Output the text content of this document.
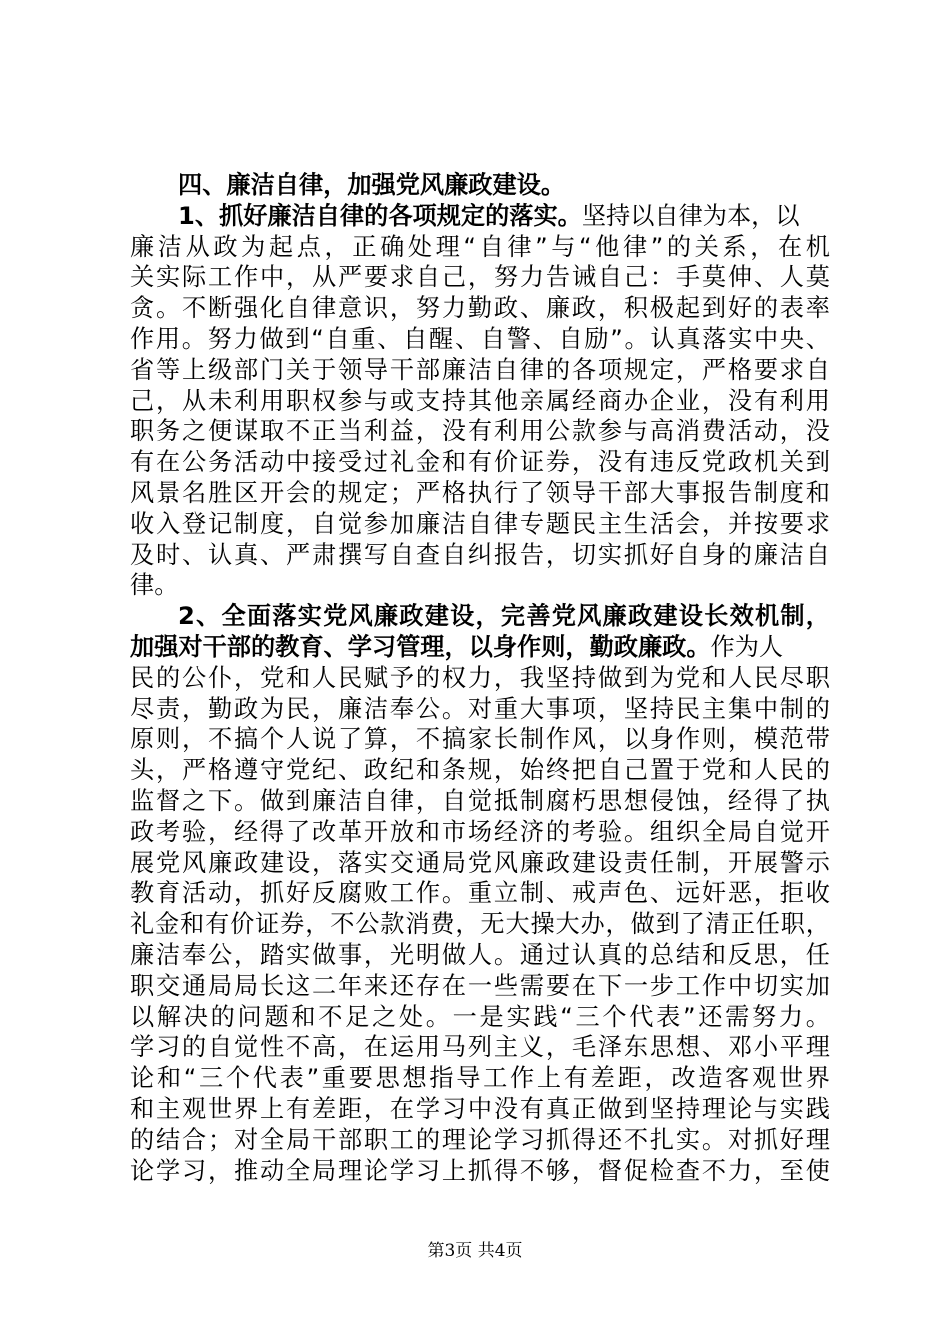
四、廉洁自律，加强党风廉政建设。
1、抓好廉洁自律的各项规定的落实。坚持以自律为本，以
廉洁从政为起点，正确处理“自律”与“他律”的关系，在机
关实际工作中，从严要求自己，努力告诫自己：手莫伸、人莫
贪。不断强化自律意识，努力勤政、廉政，积极起到好的表率
作用。努力做到“自重、自醒、自警、自励”。认真落实中央、
省等上级部门关于领导干部廉洁自律的各项规定，严格要求自
己，从未利用职权参与或支持其他亲属经商办企业，没有利用
职务之便谋取不正当利益，没有利用公款参与高消费活动，没
有在公务活动中接受过礼金和有价证券，没有违反党政机关到
风景名胜区开会的规定；严格执行了领导干部大事报告制度和
收入登记制度，自觉参加廉洁自律专题民主生活会，并按要求
及时、认真、严肃撰写自查自纠报告，切实抓好自身的廉洁自
律。
2、全面落实党风廉政建设，完善党风廉政建设长效机制，
加强对干部的教育、学习管理，以身作则，勤政廉政。作为人
民的公仆，党和人民赋予的权力，我坚持做到为党和人民尽职
尽责，勤政为民，廉洁奉公。对重大事项，坚持民主集中制的
原则，不搞个人说了算，不搞家长制作风，以身作则，模范带
头，严格遵守党纪、政纪和条规，始终把自己置于党和人民的
监督之下。做到廉洁自律，自觉抵制腐朽思想侵蚀，经得了执
政考验，经得了改革开放和市场经济的考验。组织全局自觉开
展党风廉政建设，落实交通局党风廉政建设责任制，开展警示
教育活动，抓好反腐败工作。重立制、戒声色、远奸恶，拒收
礼金和有价证券，不公款消费，无大操大办，做到了清正任职，
廉洁奉公，踏实做事，光明做人。通过认真的总结和反思，任
职交通局局长这二年来还存在一些需要在下一步工作中切实加
以解决的问题和不足之处。一是实践“三个代表”还需努力。
学习的自觉性不高，在运用马列主义，毛泽东思想、邓小平理
论和“三个代表”重要思想指导工作上有差距，改造客观世界
和主观世界上有差距，在学习中没有真正做到坚持理论与实践
的结合；对全局干部职工的理论学习抓得还不扎实。对抓好理
论学习，推动全局理论学习上抓得不够，督促检查不力，至使
第3页 共4页
